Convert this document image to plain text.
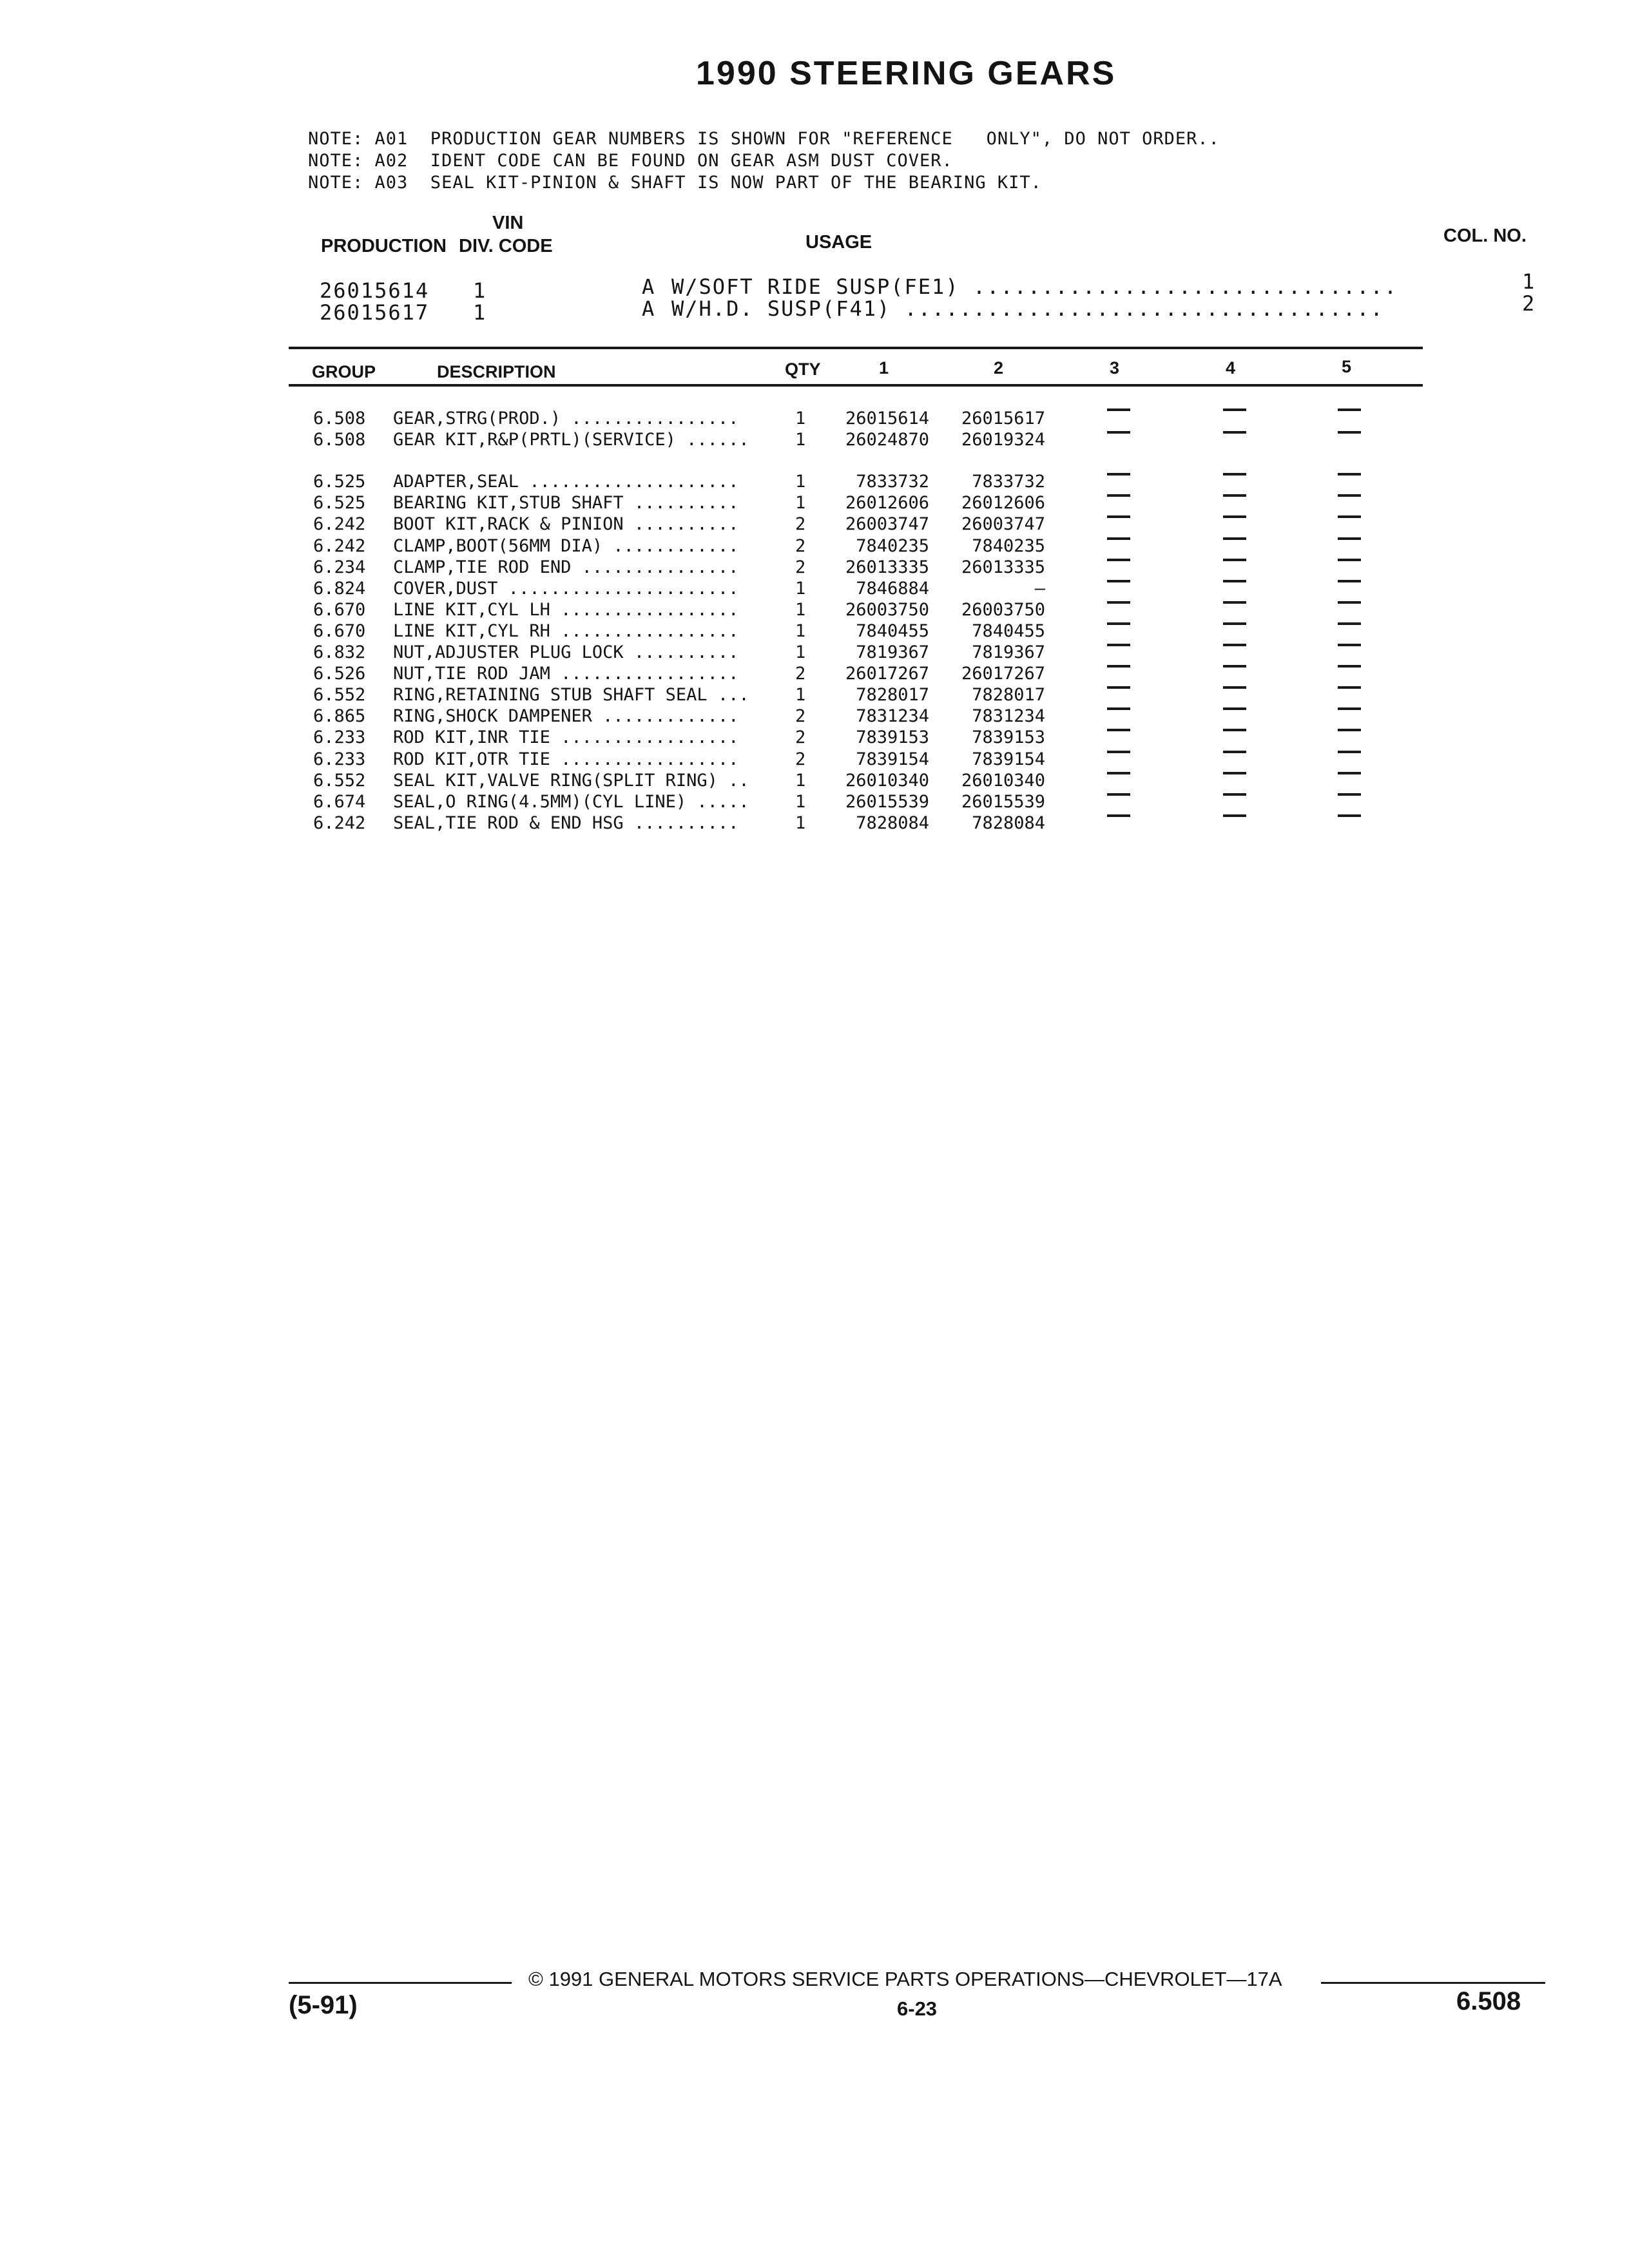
1990 STEERING GEARS
NOTE: A01  PRODUCTION GEAR NUMBERS IS SHOWN FOR "REFERENCE   ONLY", DO NOT ORDER..
NOTE: A02  IDENT CODE CAN BE FOUND ON GEAR ASM DUST COVER.
NOTE: A03  SEAL KIT-PINION & SHAFT IS NOW PART OF THE BEARING KIT.
VIN
PRODUCTION DIV. CODE	USAGE	COL. NO.
26015614 1	A W/SOFT RIDE SUSP(FE1) ...............................	1
26015617 1	A W/H.D. SUSP(F41) ...................................	2
GROUP	DESCRIPTION	QTY	1	2	3	4	5
6.508 GEAR,STRG(PROD.) ................	1 26015614 26015617
6.508 GEAR KIT,R&P(PRTL)(SERVICE) ......	1 26024870 26019324
6.525 ADAPTER,SEAL ....................	1	7833732 7833732
6.525 BEARING KIT,STUB SHAFT ..........	1 26012606 26012606
6.242 BOOT KIT,RACK & PINION ..........	2 26003747 26003747
6.242 CLAMP,BOOT(56MM DIA) ............	2	7840235 7840235
6.234 CLAMP,TIE ROD END ...............	2 26013335 26013335
6.824 COVER,DUST ......................	1	7846884	—
6.670 LINE KIT,CYL LH .................	1 26003750 26003750
6.670 LINE KIT,CYL RH .................	1	7840455 7840455
6.832 NUT,ADJUSTER PLUG LOCK ..........	1	7819367 7819367
6.526 NUT,TIE ROD JAM .................	2 26017267 26017267
6.552 RING,RETAINING STUB SHAFT SEAL ...	1	7828017 7828017
6.865 RING,SHOCK DAMPENER .............	2	7831234 7831234
6.233 ROD KIT,INR TIE .................	2	7839153 7839153
6.233 ROD KIT,OTR TIE .................	2	7839154 7839154
6.552 SEAL KIT,VALVE RING(SPLIT RING) ..	1 26010340 26010340
6.674 SEAL,O RING(4.5MM)(CYL LINE) .....	1 26015539 26015539
6.242 SEAL,TIE ROD & END HSG ..........	1	7828084 7828084
© 1991 GENERAL MOTORS SERVICE PARTS OPERATIONS—CHEVROLET—17A
(5-91)	6-23	6.508
